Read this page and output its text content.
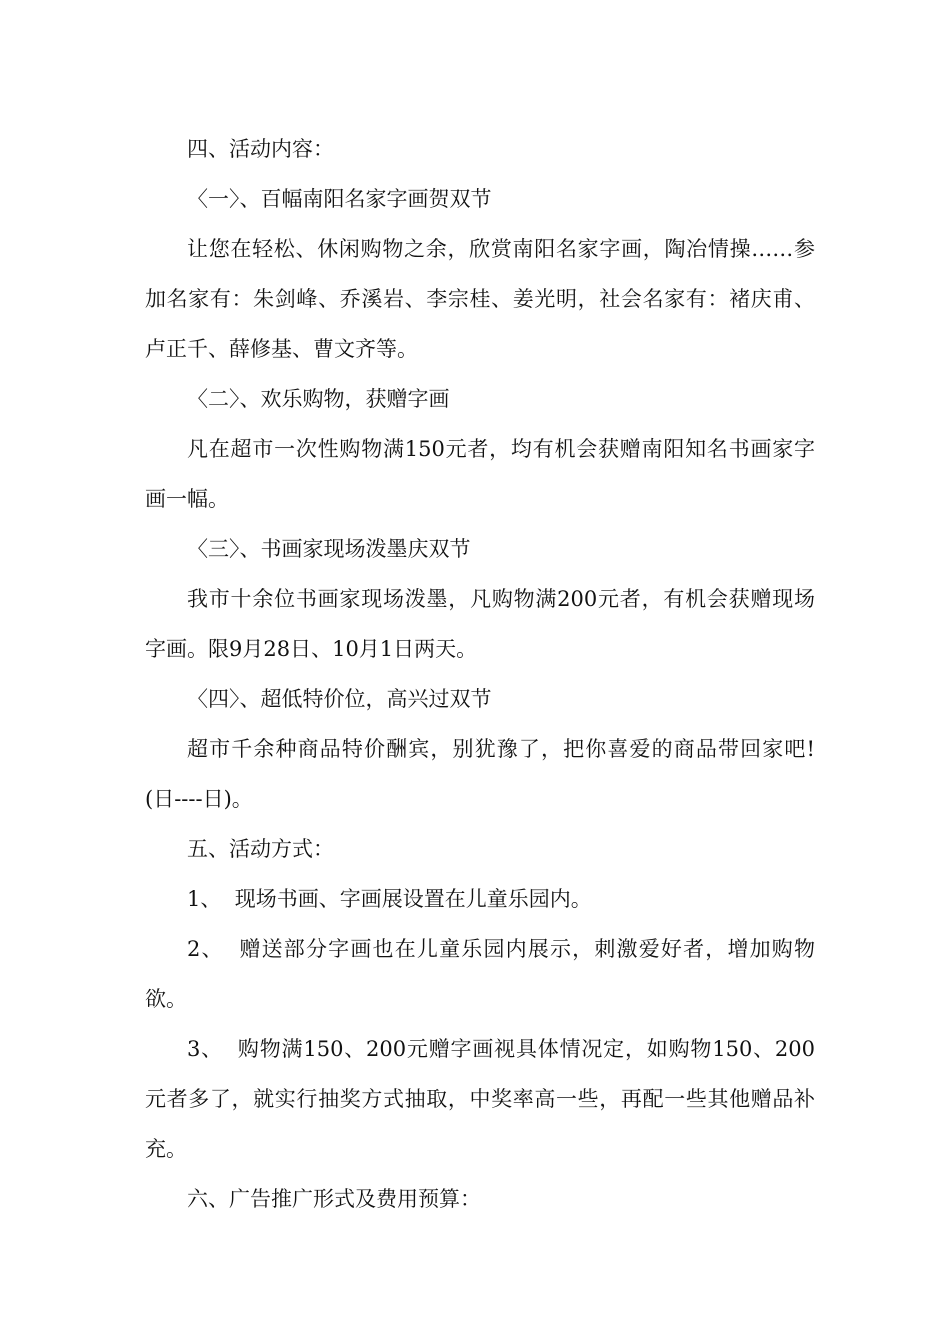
四、活动内容：

〈一〉、百幅南阳名家字画贺双节

让您在轻松、休闲购物之余，欣赏南阳名家字画，陶冶情操……参加名家有：朱剑峰、乔溪岩、李宗桂、姜光明，社会名家有：褚庆甫、卢正千、薛修基、曹文齐等。

〈二〉、欢乐购物，获赠字画

凡在超市一次性购物满150元者，均有机会获赠南阳知名书画家字画一幅。

〈三〉、书画家现场泼墨庆双节

我市十余位书画家现场泼墨，凡购物满200元者，有机会获赠现场字画。限9月28日、10月1日两天。

〈四〉、超低特价位，高兴过双节

超市千余种商品特价酬宾，别犹豫了，把你喜爱的商品带回家吧!(日----日)。

五、活动方式：

1、  现场书画、字画展设置在儿童乐园内。

2、  赠送部分字画也在儿童乐园内展示，刺激爱好者，增加购物欲。

3、  购物满150、200元赠字画视具体情况定，如购物150、200元者多了，就实行抽奖方式抽取，中奖率高一些，再配一些其他赠品补充。

六、广告推广形式及费用预算：
